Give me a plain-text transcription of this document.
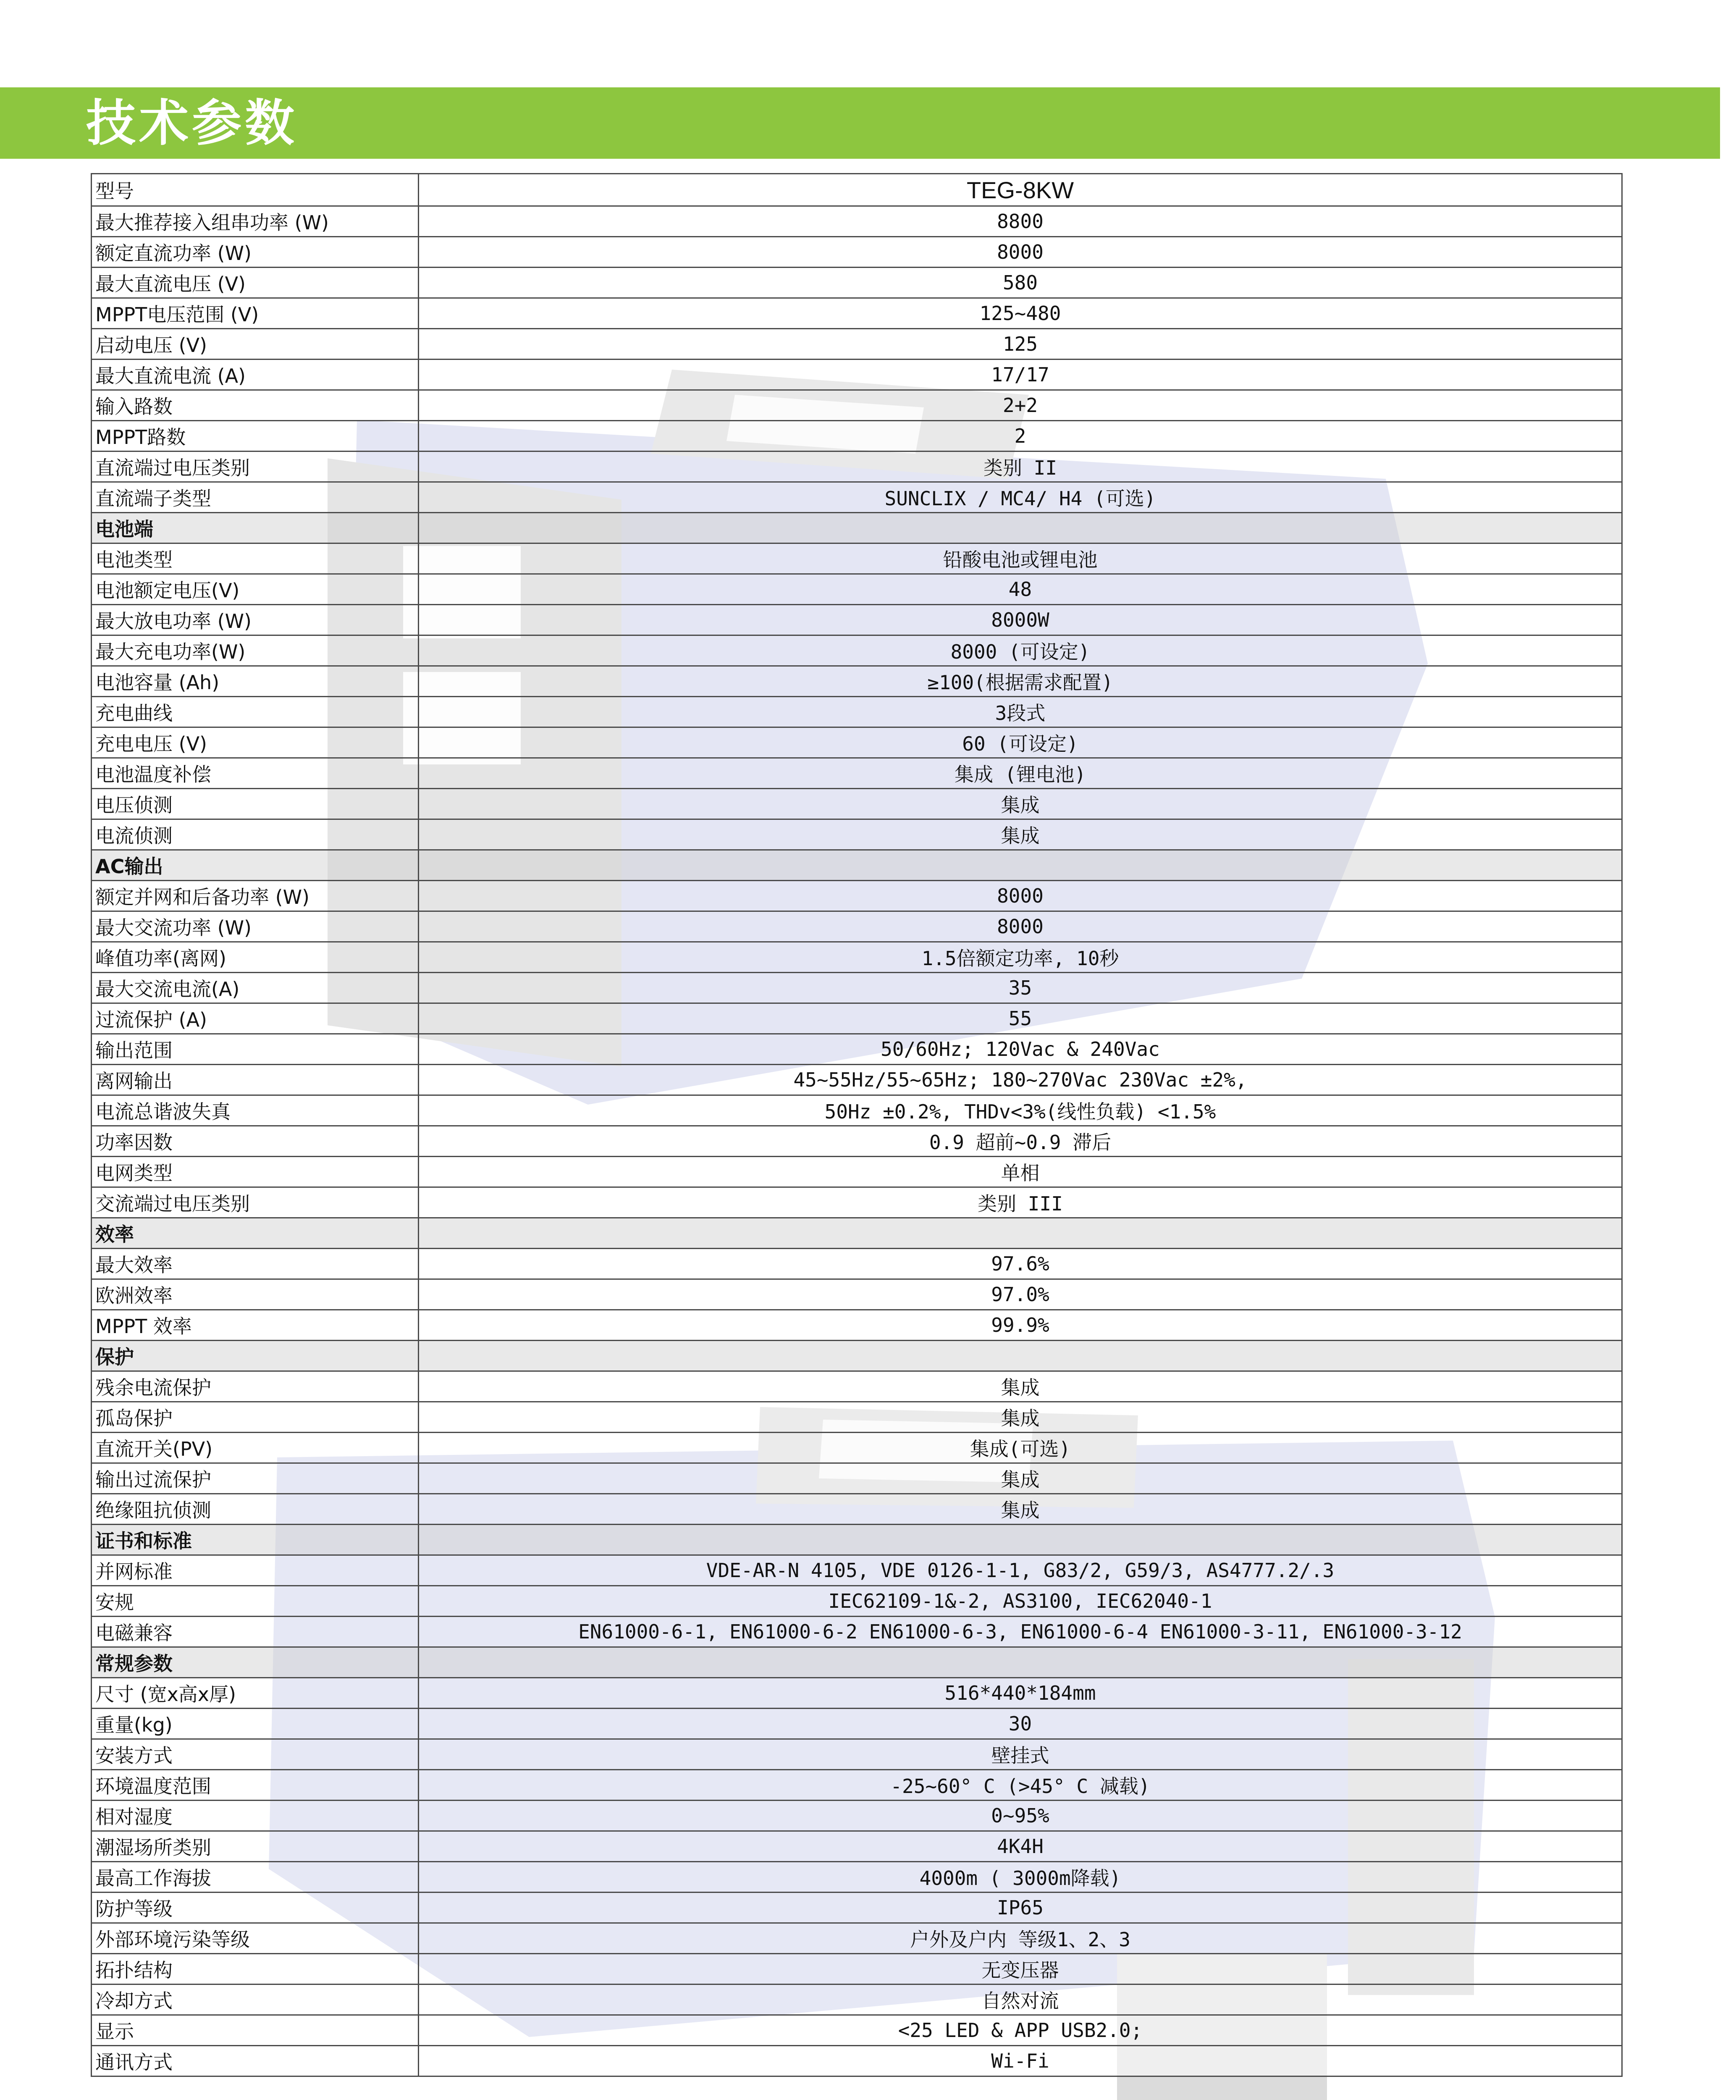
技术参数
型号	TEG-8KW
最大推荐接入组串功率 (W)	8800
额定直流功率 (W)	8000
最大直流电压 (V)	580
MPPT电压范围 (V)	125~480
启动电压 (V)	125
最大直流电流 (A)	17/17
输入路数	2+2
MPPT路数	2
直流端过电压类别	类别 II
直流端子类型	SUNCLIX / MC4/ H4 (可选)
电池端	
电池类型	铅酸电池或锂电池
电池额定电压(V)	48
最大放电功率 (W)	8000W
最大充电功率(W)	8000 (可设定)
电池容量 (Ah)	≥100(根据需求配置)
充电曲线	3段式
充电电压 (V)	60 (可设定)
电池温度补偿	集成 (锂电池)
电压侦测	集成
电流侦测	集成
AC输出	
额定并网和后备功率 (W)	8000
最大交流功率 (W)	8000
峰值功率(离网)	1.5倍额定功率, 10秒
最大交流电流(A)	35
过流保护 (A)	55
输出范围	50/60Hz; 120Vac & 240Vac
离网输出	45~55Hz/55~65Hz; 180~270Vac 230Vac ±2%,
电流总谐波失真	50Hz ±0.2%, THDv<3%(线性负载) <1.5%
功率因数	0.9 超前~0.9 滞后
电网类型	单相
交流端过电压类别	类别 III
效率	
最大效率	97.6%
欧洲效率	97.0%
MPPT 效率	99.9%
保护	
残余电流保护	集成
孤岛保护	集成
直流开关(PV)	集成(可选)
输出过流保护	集成
绝缘阻抗侦测	集成
证书和标准	
并网标准	VDE-AR-N 4105, VDE 0126-1-1, G83/2, G59/3, AS4777.2/.3
安规	IEC62109-1&-2, AS3100, IEC62040-1
电磁兼容	EN61000-6-1, EN61000-6-2 EN61000-6-3, EN61000-6-4 EN61000-3-11, EN61000-3-12
常规参数	
尺寸 (宽x高x厚)	516*440*184mm
重量(kg)	30
安装方式	壁挂式
环境温度范围	-25~60° C (>45° C 减载)
相对湿度	0~95%
潮湿场所类别	4K4H
最高工作海拔	4000m ( 3000m降载)
防护等级	IP65
外部环境污染等级	户外及户内 等级1、2、3
拓扑结构	无变压器
冷却方式	自然对流
显示	<25 LED & APP USB2.0;
通讯方式	Wi-Fi
